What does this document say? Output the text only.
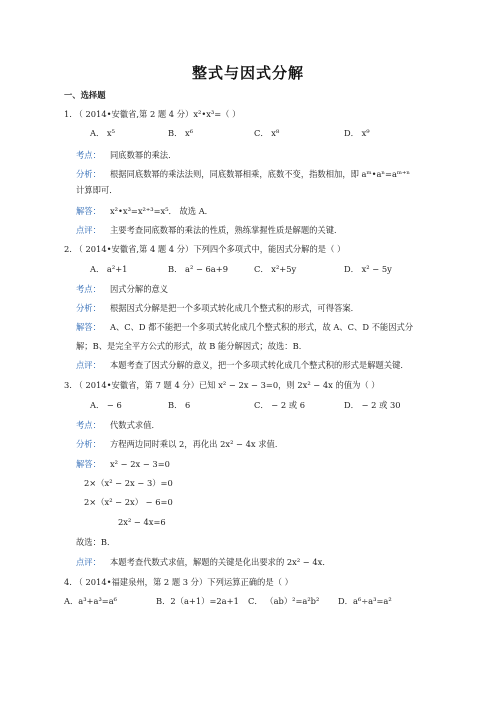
整式与因式分解
一、选择题
1. （ 2014•安徽省,第 2 题 4 分）x²•x³=（ ）
A． x⁵	B． x⁶	C． x⁸	D． x⁹
考点： 同底数幂的乘法．
分析： 根据同底数幂的乘法法则，同底数幂相乘，底数不变，指数相加，即 aᵐ•aⁿ=aᵐ⁺ⁿ
计算即可．
解答： x²•x³=x²⁺³=x⁵． 故选 A．
点评： 主要考查同底数幂的乘法的性质，熟练掌握性质是解题的关键．
2. （ 2014•安徽省,第 4 题 4 分）下列四个多项式中，能因式分解的是（ ）
A． a²+1	B． a² − 6a+9	C． x²+5y	D． x² − 5y
考点： 因式分解的意义
分析： 根据因式分解是把一个多项式转化成几个整式积的形式，可得答案．
解答： A、C、D 都不能把一个多项式转化成几个整式积的形式，故 A、C、D 不能因式分
解；B、是完全平方公式的形式，故 B 能分解因式；故选：B．
点评： 本题考查了因式分解的意义，把一个多项式转化成几个整式积的形式是解题关键．
3. （ 2014•安徽省，第 7 题 4 分）已知 x² − 2x − 3=0，则 2x² − 4x 的值为（ ）
A． − 6	B． 6	C． − 2 或 6	D． − 2 或 30
考点： 代数式求值．
分析： 方程两边同时乘以 2，再化出 2x² − 4x 求值．
解答： x² − 2x − 3=0
2×（x² − 2x − 3）=0
2×（x² − 2x） − 6=0
2x² − 4x=6
故选：B．
点评： 本题考查代数式求值，解题的关键是化出要求的 2x² − 4x．
4. （ 2014•福建泉州，第 2 题 3 分）下列运算正确的是（ ）
A．a³+a³=a⁶	B．2（a+1）=2a+1 C． （ab）²=a²b² D．a⁶÷a³=a²
